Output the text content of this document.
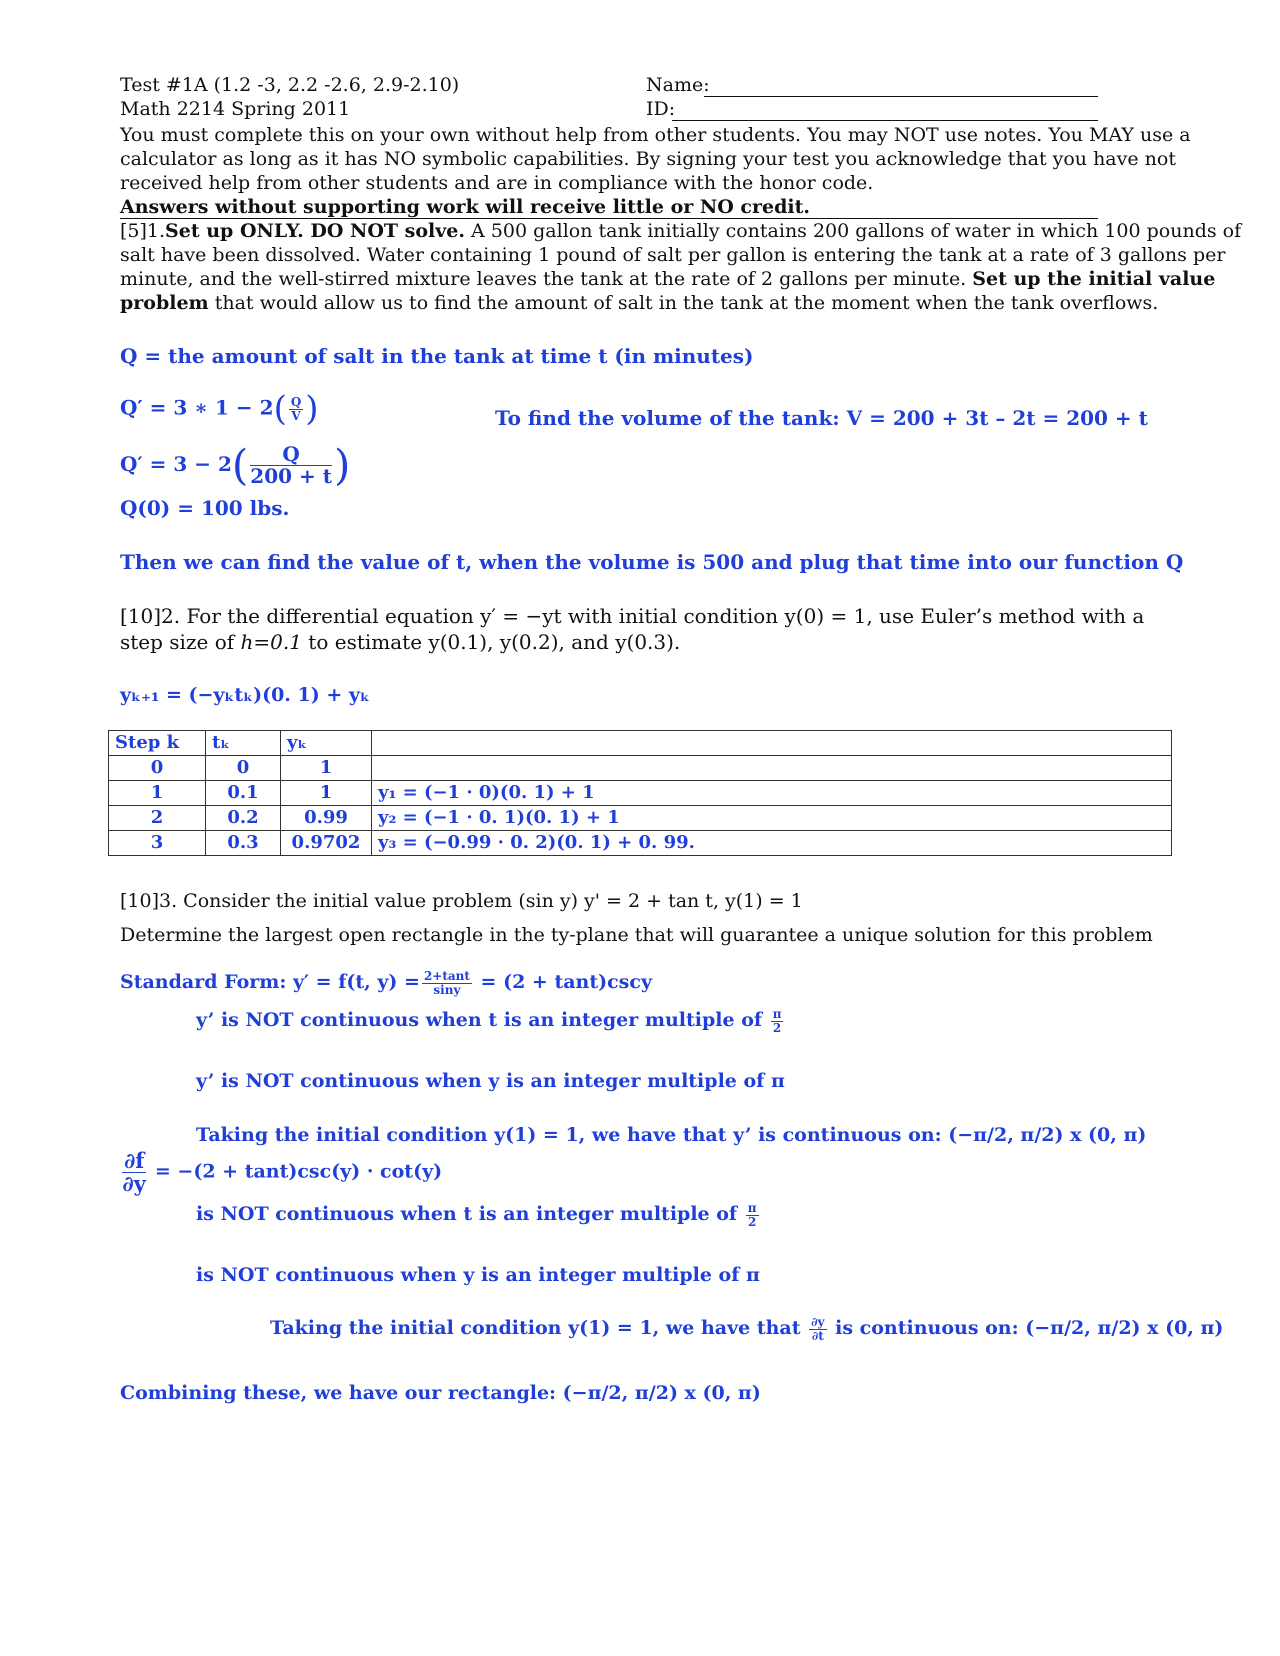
Test #1A (1.2 -3, 2.2 -2.6, 2.9-2.10)
Math 2214 Spring 2011
Name:
ID:
You must complete this on your own without help from other students. You may NOT use notes. You MAY use a
calculator as long as it has NO symbolic capabilities. By signing your test you acknowledge that you have not
received help from other students and are in compliance with the honor code.
Answers without supporting work will receive little or NO credit.
[5]1.Set up ONLY. DO NOT solve. A 500 gallon tank initially contains 200 gallons of water in which 100 pounds of
salt have been dissolved. Water containing 1 pound of salt per gallon is entering the tank at a rate of 3 gallons per
minute, and the well-stirred mixture leaves the tank at the rate of 2 gallons per minute. Set up the initial value
problem that would allow us to find the amount of salt in the tank at the moment when the tank overflows.
Q = the amount of salt in the tank at time t (in minutes)
Q′ = 3 ∗ $1 - 2( \frac{Q}{V}$ )	To find the volume of the tank: V = 200 + 3t – 2t = 200 + t
$Q' = 3 - 2( \frac{Q}{200 + t}$ )
Q(0) = 100 lbs.
Then we can find the value of t, when the volume is 500 and plug that time into our function Q
[10]2. For the differential equation y′ = −yt with initial condition y(0) = 1, use Euler’s method with a
step size of h=0.1 to estimate y(0.1), y(0.2), and y(0.3).
yₖ₊₁ = (−yₖtₖ)(0. 1) + yₖ
Step k	tₖ	yₖ	
0	0	1	
1	0.1	1	y₁ = (−1 · 0)(0. 1) + 1
2	0.2	0.99	y₂ = (−1 · 0. 1)(0. 1) + 1
3	0.3	0.9702	y₃ = (−0.99 · 0. 2)(0. 1) + 0. 99.
[10]3. Consider the initial value problem (sin y) y' = 2 + tan t, y(1) = 1
Determine the largest open rectangle in the ty-plane that will guarantee a unique solution for this problem
Standard Form: y′ = f(t, $y) = \frac{2+\tan t}{\sin y} = (2 + \tan t)\csc y$
y’ is NOT continuous when t is an integer multiple of $\frac{\pi}{2}$
y’ is NOT continuous when y is an integer multiple of π
Taking the initial condition y(1) = 1, we have that y’ is continuous on: (−π/2, π/2) x (0, π)
$\frac{\partial f}{\partial y} = -(2 + \tan t)\csc(y) \cdot \cot(y)$
is NOT continuous when t is an integer multiple of $\frac{\pi}{2}$
is NOT continuous when y is an integer multiple of π
Taking the initial condition y(1) = 1, we have that $\frac{\partial y}{\partial t}$ is continuous on: (−π/2, π/2) x (0, π)
Combining these, we have our rectangle: (−π/2, π/2) x (0, π)
